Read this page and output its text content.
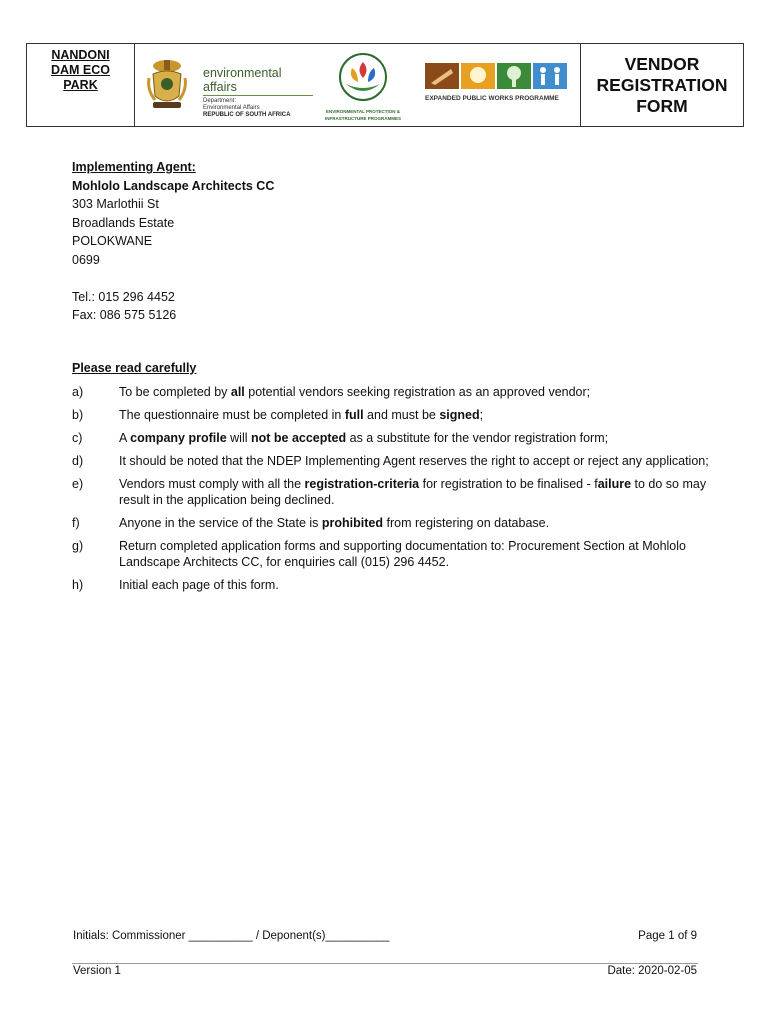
NANDONI
DAM ECO
PARK
environmental affairs
Department:
Environmental Affairs
REPUBLIC OF SOUTH AFRICA
ENVIRONMENTAL PROTECTION &
INFRASTRUCTURE PROGRAMMES
EXPANDED PUBLIC WORKS PROGRAMME
VENDOR
REGISTRATION
FORM
Implementing Agent:
Mohlolo Landscape Architects CC
303 Marlothii St
Broadlands Estate
POLOKWANE
0699
Tel.: 015 296 4452
Fax: 086 575 5126
Please read carefully
a)	To be completed by all potential vendors seeking registration as an approved vendor;
b)	The questionnaire must be completed in full and must be signed;
c)	A company profile will not be accepted as a substitute for the vendor registration form;
d)	It should be noted that the NDEP Implementing Agent reserves the right to accept or reject any application;
e)	Vendors must comply with all the registration-criteria for registration to be finalised - failure to do so may result in the application being declined.
f)	Anyone in the service of the State is prohibited from registering on database.
g)	Return completed application forms and supporting documentation to: Procurement Section at Mohlolo Landscape Architects CC, for enquiries call (015) 296 4452.
h)	Initial each page of this form.
Initials: Commissioner __________ / Deponent(s)__________	Page 1 of 9
Version 1	Date: 2020-02-05
